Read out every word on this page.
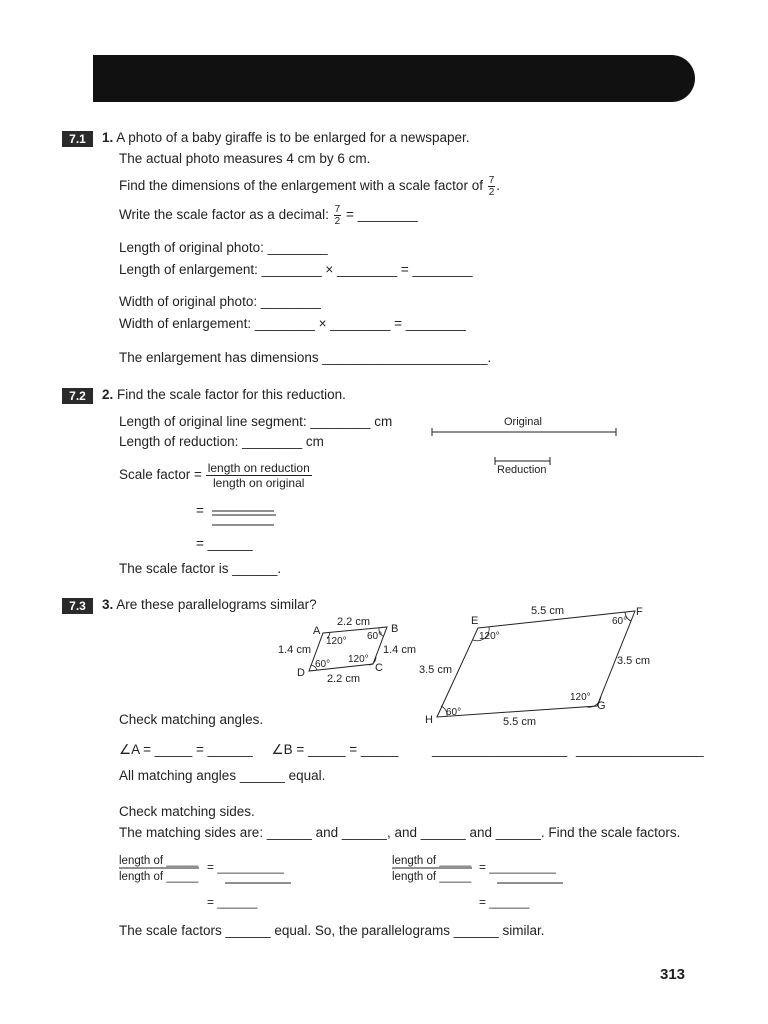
7.1	1. A photo of a baby giraffe is to be enlarged for a newspaper.
The actual photo measures 4 cm by 6 cm.
Find the dimensions of the enlargement with a scale factor of $\frac{7}{2}$ .
Write the scale factor as a decimal: $\frac{7}{2}$ = ________
Length of original photo: ________
Length of enlargement: ________ × ________ = ________
Width of original photo: ________
Width of enlargement: ________ × ________ = ________
The enlargement has dimensions ______________________.
7.2	2. Find the scale factor for this reduction.
Length of original line segment: ________ cm
Length of reduction: ________ cm
Original
Reduction
Scale factor = length on reduction
length on original
=
= ______
The scale factor is ______.
7.3	3. Are these parallelograms similar?
A	B
C
D
2.2 cm
2.2 cm
1.4 cm	1.4 cm
120° 60°
120°
60°
E
F
G
H
5.5 cm
5.5 cm
3.5 cm
3.5 cm
120°
60°
120°
60°
Check matching angles.
∠A = _____ = ______     ∠B = _____ = _____ __________________ _________________
All matching angles ______ equal.
Check matching sides.
The matching sides are: ______ and ______, and ______ and ______. Find the scale factors.
length of _____
length of _____
= __________
= ______
length of _____
length of _____
= __________
= ______
The scale factors ______ equal. So, the parallelograms ______ similar.
313
